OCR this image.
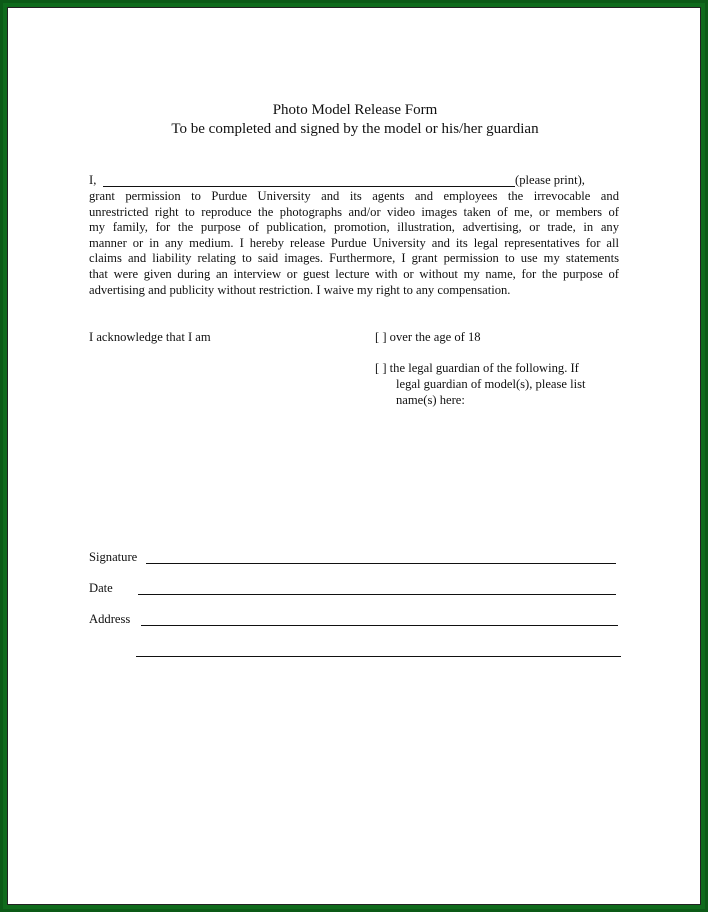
Photo Model Release Form
To be completed and signed by the model or his/her guardian
I,	(please print),
grant permission to Purdue University and its agents and employees the irrevocable and
unrestricted right to reproduce the photographs and/or video images taken of me, or members of
my family, for the purpose of publication, promotion, illustration, advertising, or trade, in any
manner or in any medium. I hereby release Purdue University and its legal representatives for all
claims and liability relating to said images. Furthermore, I grant permission to use my statements
that were given during an interview or guest lecture with or without my name, for the purpose of
advertising and publicity without restriction. I waive my right to any compensation.
I acknowledge that I am	[ ] over the age of 18
[ ] the legal guardian of the following. If
legal guardian of model(s), please list
name(s) here:
Signature
Date
Address
